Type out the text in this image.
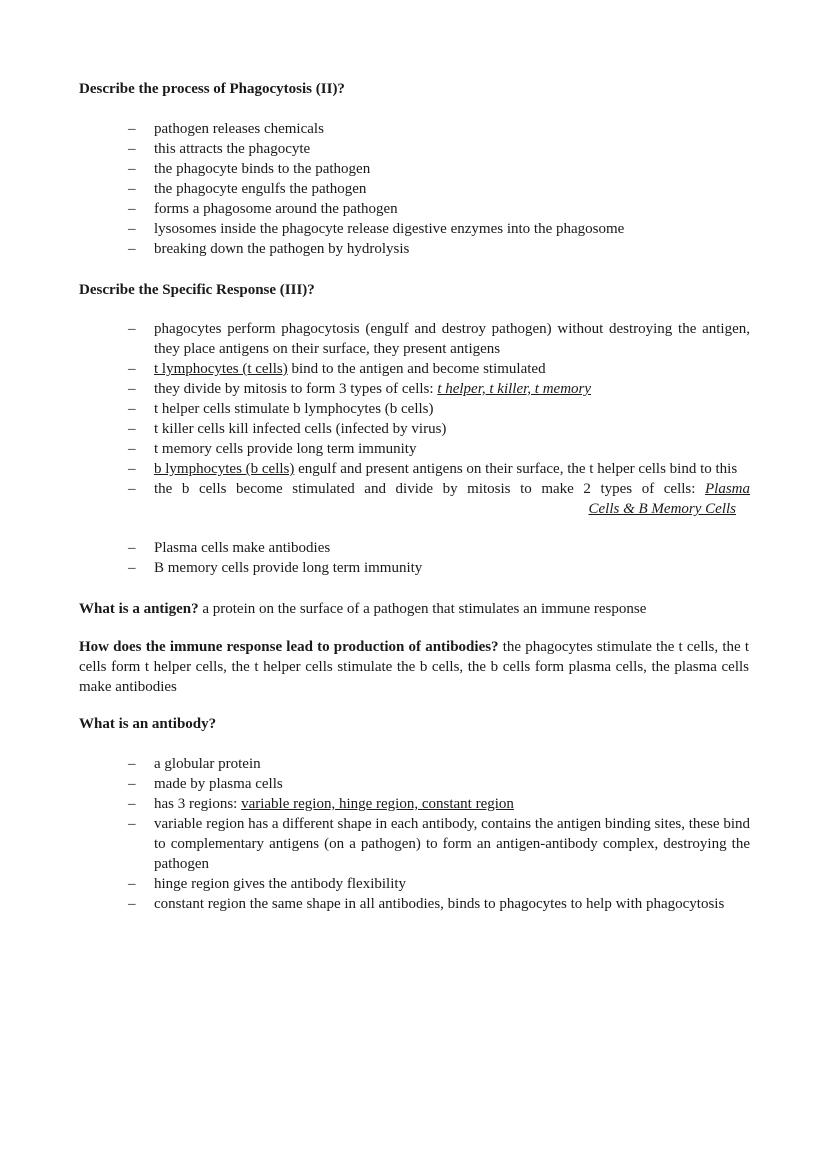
Describe the process of Phagocytosis (II)?

– pathogen releases chemicals
– this attracts the phagocyte
– the phagocyte binds to the pathogen
– the phagocyte engulfs the pathogen
– forms a phagosome around the pathogen
– lysosomes inside the phagocyte release digestive enzymes into the phagosome
– breaking down the pathogen by hydrolysis

Describe the Specific Response (III)?

– phagocytes perform phagocytosis (engulf and destroy pathogen) without destroying the antigen, they place antigens on their surface, they present antigens
– t lymphocytes (t cells) bind to the antigen and become stimulated
– they divide by mitosis to form 3 types of cells: t helper, t killer, t memory
– t helper cells stimulate b lymphocytes (b cells)
– t killer cells kill infected cells (infected by virus)
– t memory cells provide long term immunity
– b lymphocytes (b cells) engulf and present antigens on their surface, the t helper cells bind to this
– the b cells become stimulated and divide by mitosis to make 2 types of cells: Plasma
Cells & B Memory Cells
– Plasma cells make antibodies
– B memory cells provide long term immunity

What is a antigen? a protein on the surface of a pathogen that stimulates an immune response

How does the immune response lead to production of antibodies? the phagocytes stimulate the t cells, the t cells form t helper cells, the t helper cells stimulate the b cells, the b cells form plasma cells, the plasma cells make antibodies

What is an antibody?

– a globular protein
– made by plasma cells
– has 3 regions: variable region, hinge region, constant region
– variable region has a different shape in each antibody, contains the antigen binding sites, these bind to complementary antigens (on a pathogen) to form an antigen-antibody complex, destroying the pathogen
– hinge region gives the antibody flexibility
– constant region the same shape in all antibodies, binds to phagocytes to help with phagocytosis
